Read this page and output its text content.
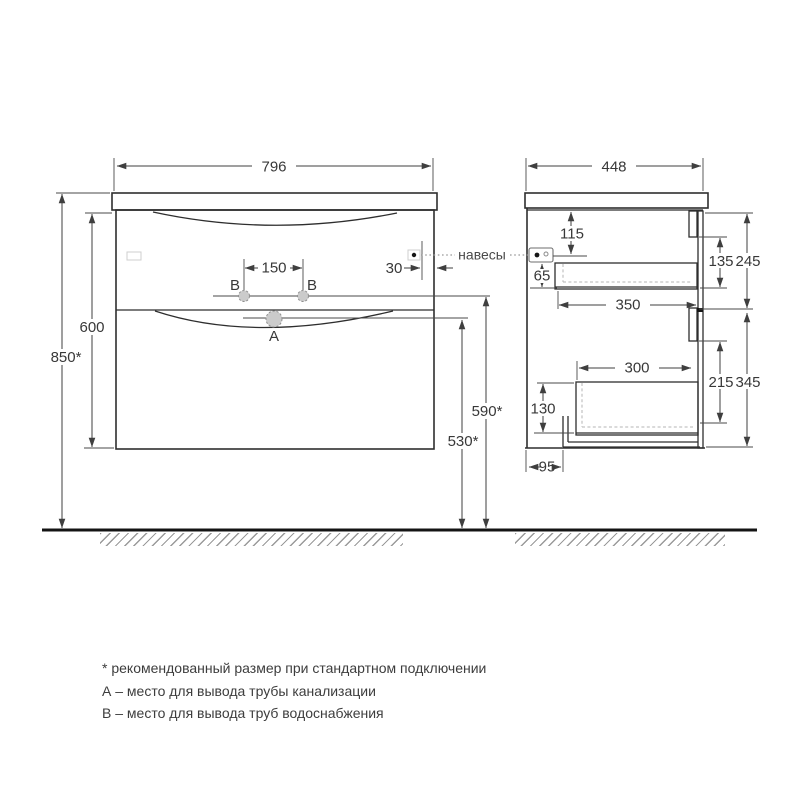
B	B
A
796
850*
600
150	30
590*
530*
448
115
65
350
135 245
300
130
215 345
95
навесы
* рекомендованный размер при стандартном подключении
А – место для вывода трубы канализации
В – место для вывода труб водоснабжения
